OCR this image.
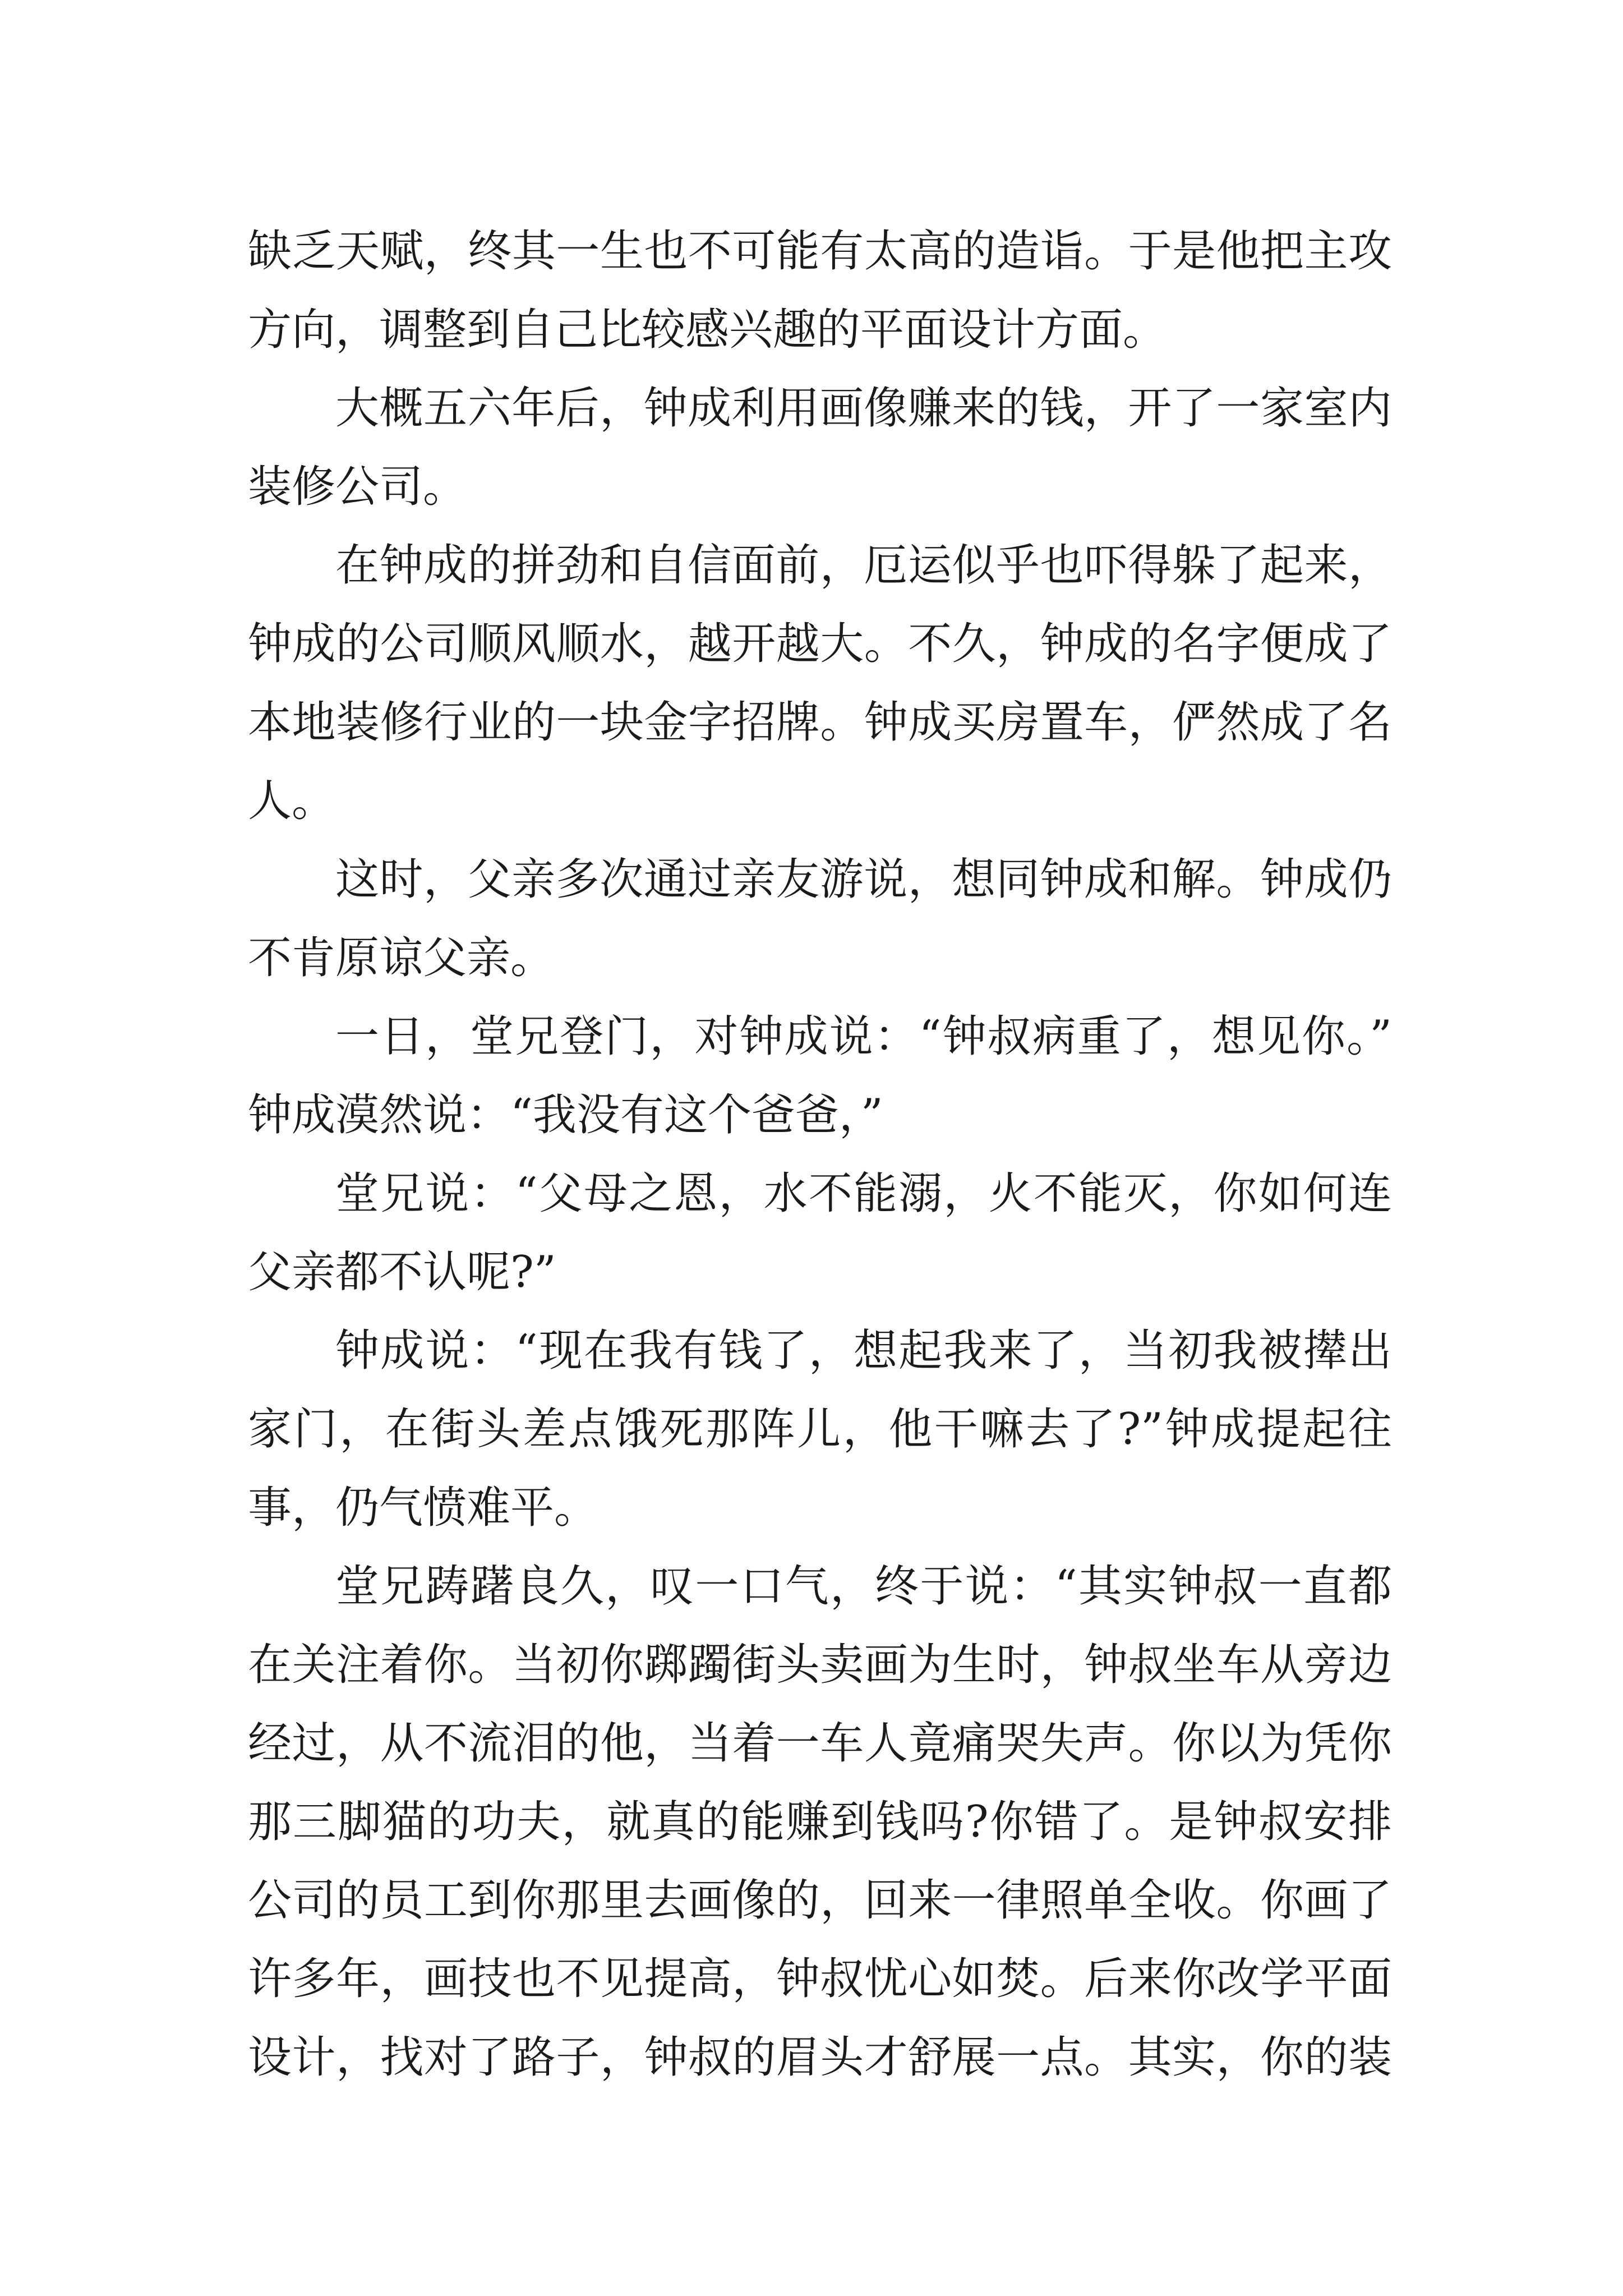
缺乏天赋，终其一生也不可能有太高的造诣。于是他把主攻
方向，调整到自己比较感兴趣的平面设计方面。
大概五六年后，钟成利用画像赚来的钱，开了一家室内
装修公司。
在钟成的拼劲和自信面前，厄运似乎也吓得躲了起来，
钟成的公司顺风顺水，越开越大。不久，钟成的名字便成了
本地装修行业的一块金字招牌。钟成买房置车，俨然成了名
人。
这时，父亲多次通过亲友游说，想同钟成和解。钟成仍
不肯原谅父亲。
一日，堂兄登门，对钟成说：“钟叔病重了，想见你。”
钟成漠然说：“我没有这个爸爸，”
堂兄说：“父母之恩，水不能溺，火不能灭，你如何连
父亲都不认呢?”
钟成说：“现在我有钱了，想起我来了，当初我被撵出
家门，在街头差点饿死那阵儿，他干嘛去了?”钟成提起往
事，仍气愤难平。
堂兄踌躇良久，叹一口气，终于说：“其实钟叔一直都
在关注着你。当初你踯躅街头卖画为生时，钟叔坐车从旁边
经过，从不流泪的他，当着一车人竟痛哭失声。你以为凭你
那三脚猫的功夫，就真的能赚到钱吗?你错了。是钟叔安排
公司的员工到你那里去画像的，回来一律照单全收。你画了
许多年，画技也不见提高，钟叔忧心如焚。后来你改学平面
设计，找对了路子，钟叔的眉头才舒展一点。其实，你的装
